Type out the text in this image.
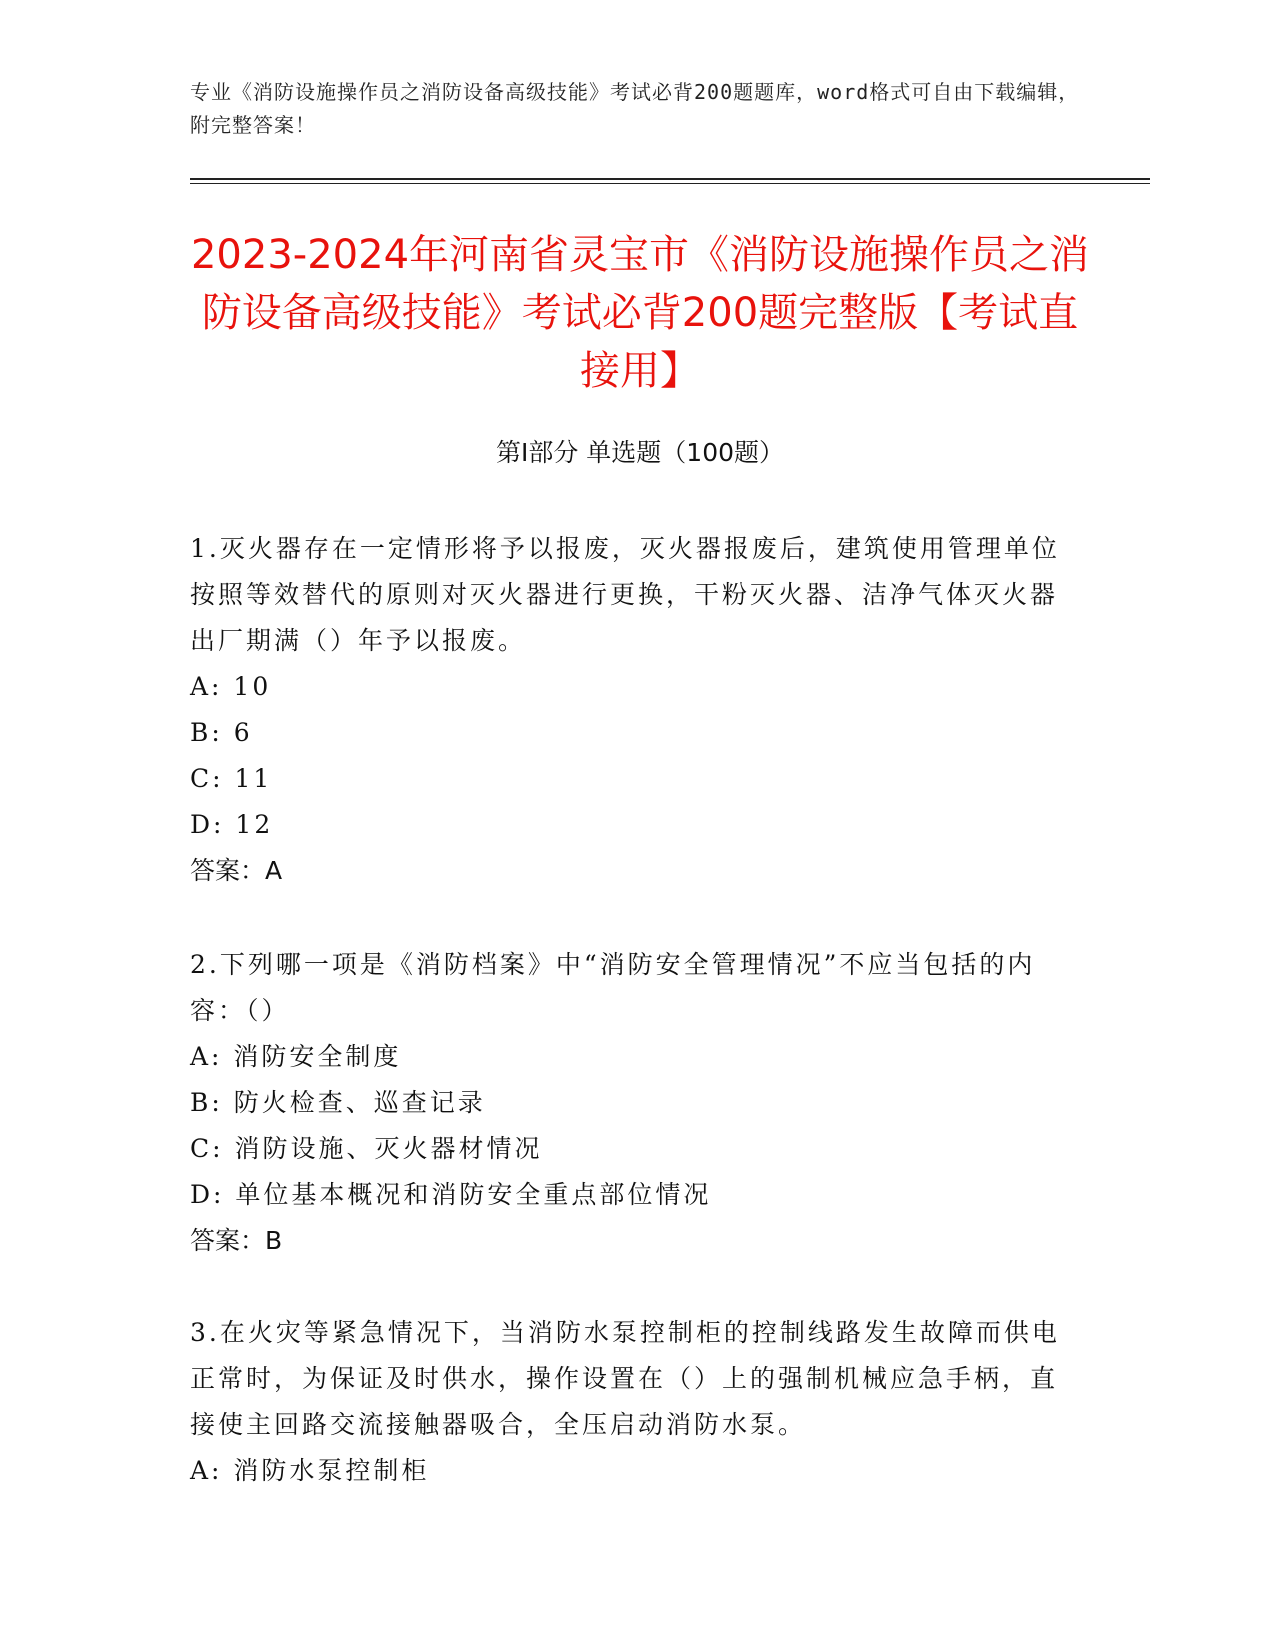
专业《消防设施操作员之消防设备高级技能》考试必背200题题库，word格式可自由下载编辑，附完整答案！
2023-2024年河南省灵宝市《消防设施操作员之消防设备高级技能》考试必背200题完整版【考试直接用】
第Ⅰ部分 单选题（100题）

1.灭火器存在一定情形将予以报废，灭火器报废后，建筑使用管理单位按照等效替代的原则对灭火器进行更换，干粉灭火器、洁净气体灭火器出厂期满（）年予以报废。

A: 10

B: 6

C: 11

D: 12

答案：A

2.下列哪一项是《消防档案》中“消防安全管理情况”不应当包括的内容：（）

A: 消防安全制度

B: 防火检查、巡查记录

C: 消防设施、灭火器材情况

D: 单位基本概况和消防安全重点部位情况

答案：B

3.在火灾等紧急情况下，当消防水泵控制柜的控制线路发生故障而供电正常时，为保证及时供水，操作设置在（）上的强制机械应急手柄，直接使主回路交流接触器吸合，全压启动消防水泵。

A: 消防水泵控制柜
